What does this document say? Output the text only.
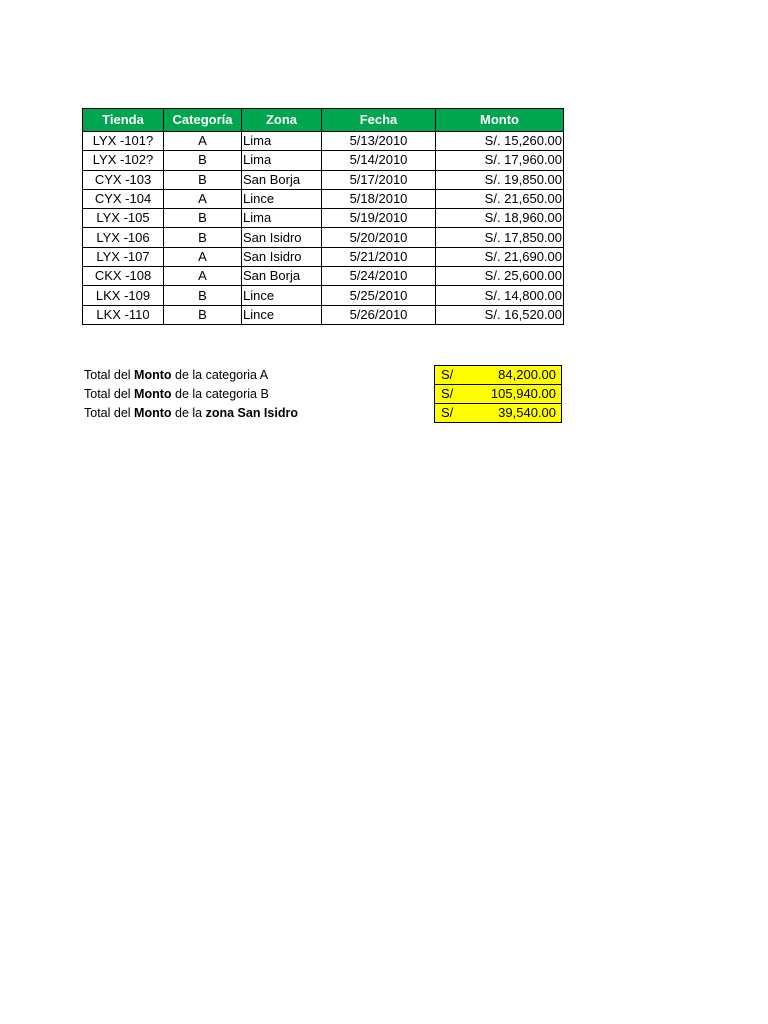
Tienda	Categoría	Zona	Fecha	Monto
LYX -101?	A	Lima	5/13/2010	S/. 15,260.00
LYX -102?	B	Lima	5/14/2010	S/. 17,960.00
CYX -103	B	San Borja	5/17/2010	S/. 19,850.00
CYX -104	A	Lince	5/18/2010	S/. 21,650.00
LYX -105	B	Lima	5/19/2010	S/. 18,960.00
LYX -106	B	San Isidro	5/20/2010	S/. 17,850.00
LYX -107	A	San Isidro	5/21/2010	S/. 21,690.00
CKX -108	A	San Borja	5/24/2010	S/. 25,600.00
LKX -109	B	Lince	5/25/2010	S/. 14,800.00
LKX -110	B	Lince	5/26/2010	S/. 16,520.00
Total del Monto de la categoria A	S/	84,200.00
Total del Monto de la categoria B	S/	105,940.00
Total del Monto de la zona San Isidro	S/	39,540.00
